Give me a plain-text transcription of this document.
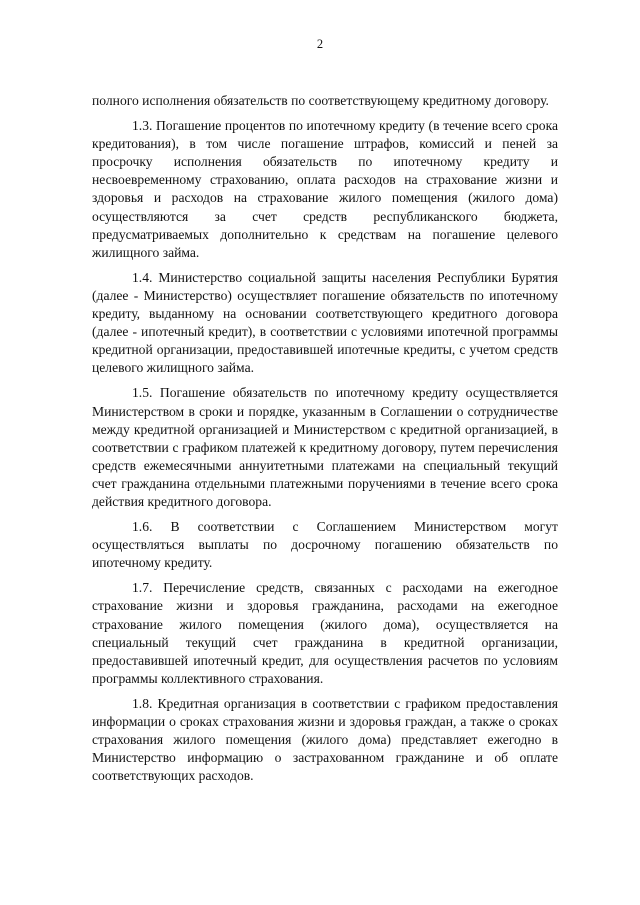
2

полного исполнения обязательств по соответствующему кредитному договору.

1.3. Погашение процентов по ипотечному кредиту (в течение всего срока кредитования), в том числе погашение штрафов, комиссий и пеней за просрочку исполнения обязательств по ипотечному кредиту и несвоевременному страхованию, оплата расходов на страхование жизни и здоровья и расходов на страхование жилого помещения (жилого дома) осуществляются за счет средств республиканского бюджета, предусматриваемых дополнительно к средствам на погашение целевого жилищного займа.

1.4. Министерство социальной защиты населения Республики Бурятия (далее - Министерство) осуществляет погашение обязательств по ипотечному кредиту, выданному на основании соответствующего кредитного договора (далее - ипотечный кредит), в соответствии с условиями ипотечной программы кредитной организации, предоставившей ипотечные кредиты, с учетом средств целевого жилищного займа.

1.5. Погашение обязательств по ипотечному кредиту осуществляется Министерством в сроки и порядке, указанным в Соглашении о сотрудничестве между кредитной организацией и Министерством с кредитной организацией, в соответствии с графиком платежей к кредитному договору, путем перечисления средств ежемесячными аннуитетными платежами на специальный текущий счет гражданина отдельными платежными поручениями в течение всего срока действия кредитного договора.

1.6. В соответствии с Соглашением Министерством могут осуществляться выплаты по досрочному погашению обязательств по ипотечному кредиту.

1.7. Перечисление средств, связанных с расходами на ежегодное страхование жизни и здоровья гражданина, расходами на ежегодное страхование жилого помещения (жилого дома), осуществляется на специальный текущий счет гражданина в кредитной организации, предоставившей ипотечный кредит, для осуществления расчетов по условиям программы коллективного страхования.

1.8. Кредитная организация в соответствии с графиком предоставления информации о сроках страхования жизни и здоровья граждан, а также о сроках страхования жилого помещения (жилого дома) представляет ежегодно в Министерство информацию о застрахованном гражданине и об оплате соответствующих расходов.
